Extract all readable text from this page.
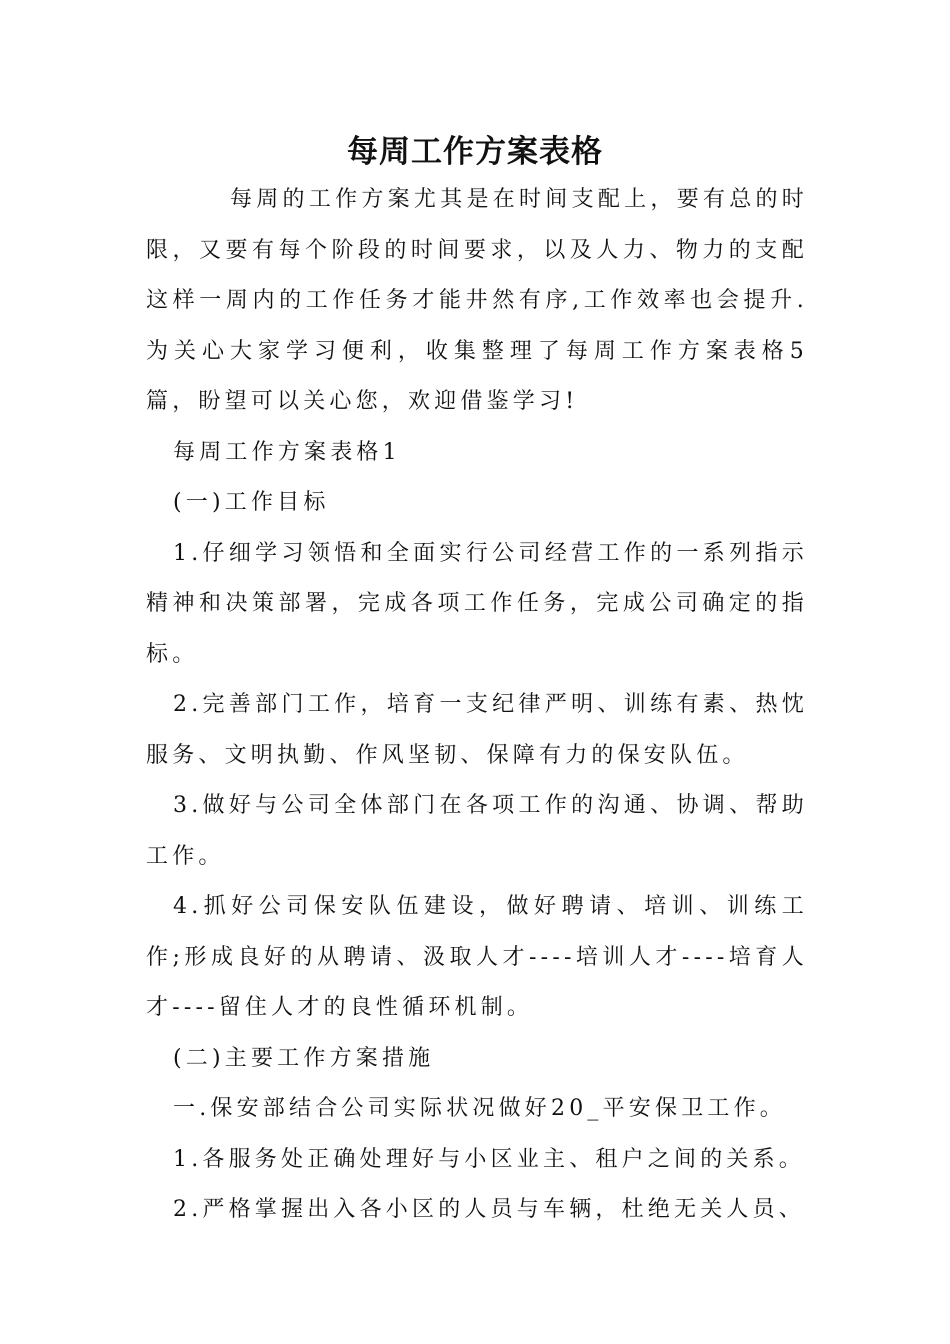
每周工作方案表格

每周的工作方案尤其是在时间支配上，要有总的时限，又要有每个阶段的时间要求，以及人力、物力的支配这样一周内的工作任务才能井然有序,工作效率也会提升.为关心大家学习便利，收集整理了每周工作方案表格5篇，盼望可以关心您，欢迎借鉴学习!

每周工作方案表格1

(一)工作目标

1.仔细学习领悟和全面实行公司经营工作的一系列指示精神和决策部署，完成各项工作任务，完成公司确定的指标。

2.完善部门工作，培育一支纪律严明、训练有素、热忱服务、文明执勤、作风坚韧、保障有力的保安队伍。

3.做好与公司全体部门在各项工作的沟通、协调、帮助工作。

4.抓好公司保安队伍建设，做好聘请、培训、训练工作;形成良好的从聘请、汲取人才----培训人才----培育人才----留住人才的良性循环机制。

(二)主要工作方案措施

一.保安部结合公司实际状况做好20_平安保卫工作。

1.各服务处正确处理好与小区业主、租户之间的关系。

2.严格掌握出入各小区的人员与车辆，杜绝无关人员、
